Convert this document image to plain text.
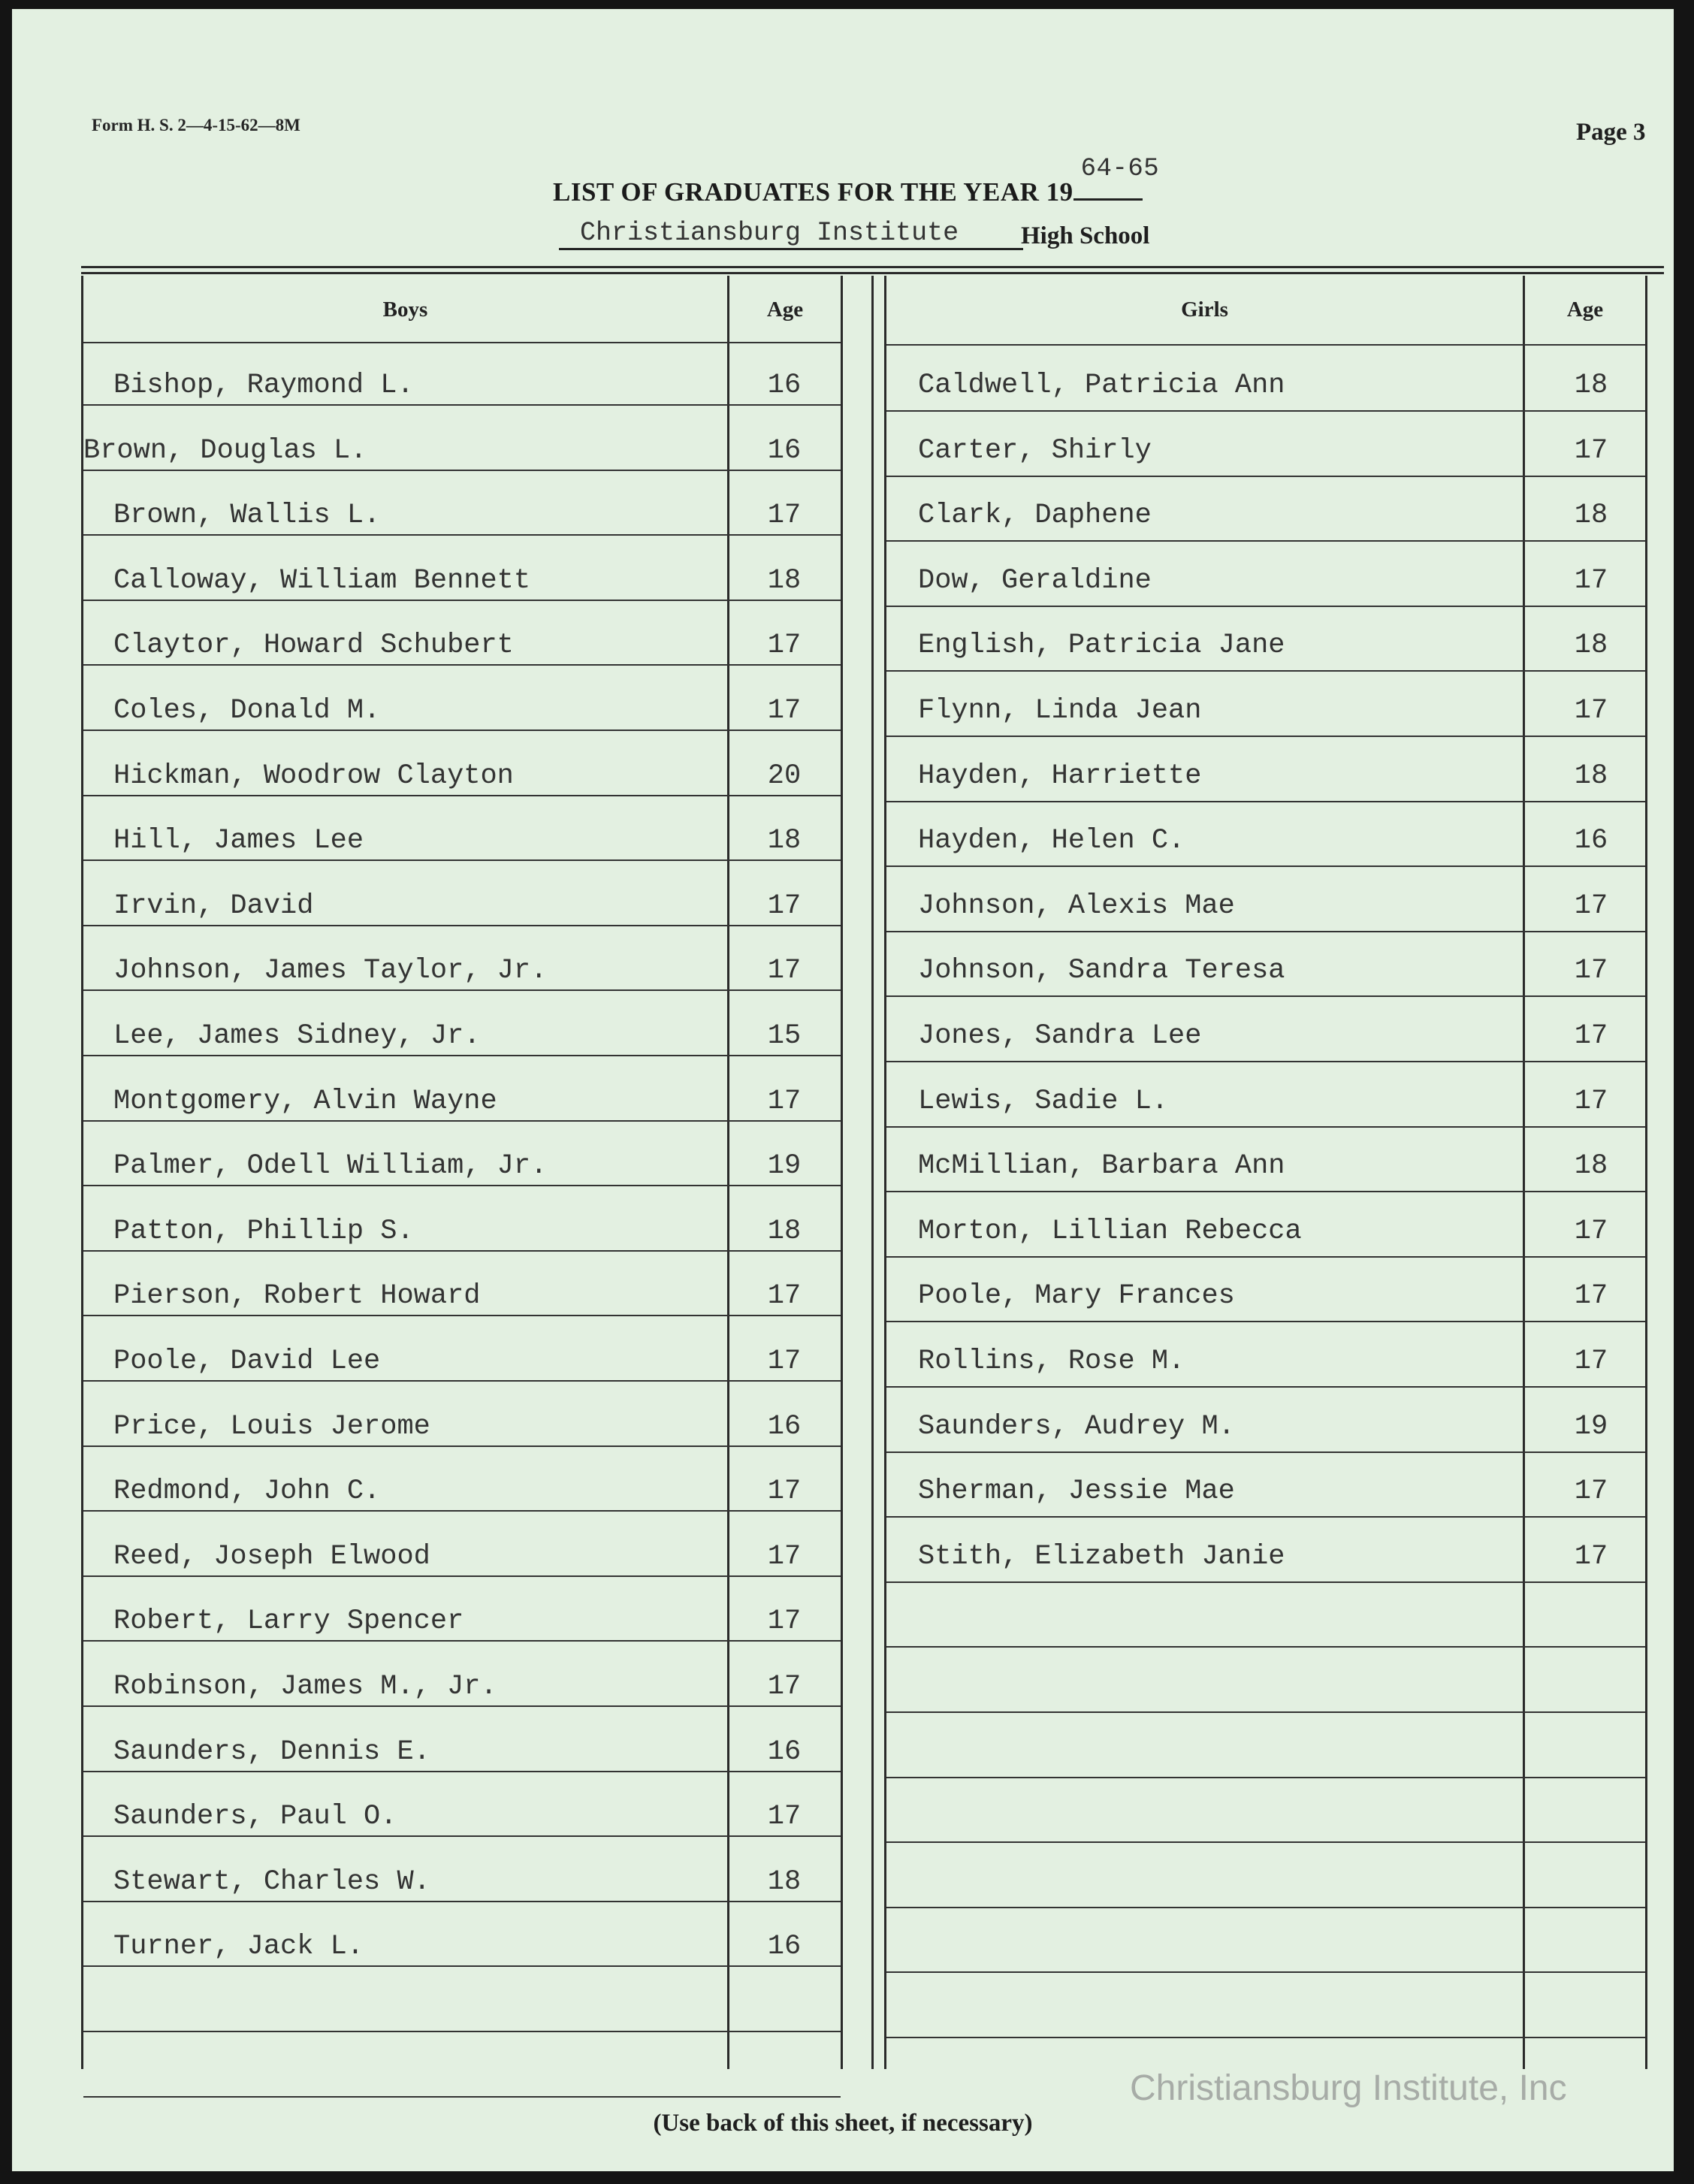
Form H. S. 2—4-15-62—8M	Page 3
LIST OF GRADUATES FOR THE YEAR 19
64-65
Christiansburg Institute	High School
Boys	Age	Girls	Age
Bishop, Raymond L.	16
Brown, Douglas L.	16
Brown, Wallis L.	17
Calloway, William Bennett	18
Claytor, Howard Schubert	17
Coles, Donald M.	17
Hickman, Woodrow Clayton	20
Hill, James Lee	18
Irvin, David	17
Johnson, James Taylor, Jr.	17
Lee, James Sidney, Jr.	15
Montgomery, Alvin Wayne	17
Palmer, Odell William, Jr.	19
Patton, Phillip S.	18
Pierson, Robert Howard	17
Poole, David Lee	17
Price, Louis Jerome	16
Redmond, John C.	17
Reed, Joseph Elwood	17
Robert, Larry Spencer	17
Robinson, James M., Jr.	17
Saunders, Dennis E.	16
Saunders, Paul O.	17
Stewart, Charles W.	18
Turner, Jack L.	16
Caldwell, Patricia Ann	18
Carter, Shirly	17
Clark, Daphene	18
Dow, Geraldine	17
English, Patricia Jane	18
Flynn, Linda Jean	17
Hayden, Harriette	18
Hayden, Helen C.	16
Johnson, Alexis Mae	17
Johnson, Sandra Teresa	17
Jones, Sandra Lee	17
Lewis, Sadie L.	17
McMillian, Barbara Ann	18
Morton, Lillian Rebecca	17
Poole, Mary Frances	17
Rollins, Rose M.	17
Saunders, Audrey M.	19
Sherman, Jessie Mae	17
Stith, Elizabeth Janie	17
(Use back of this sheet, if necessary)
Christiansburg Institute, Inc
